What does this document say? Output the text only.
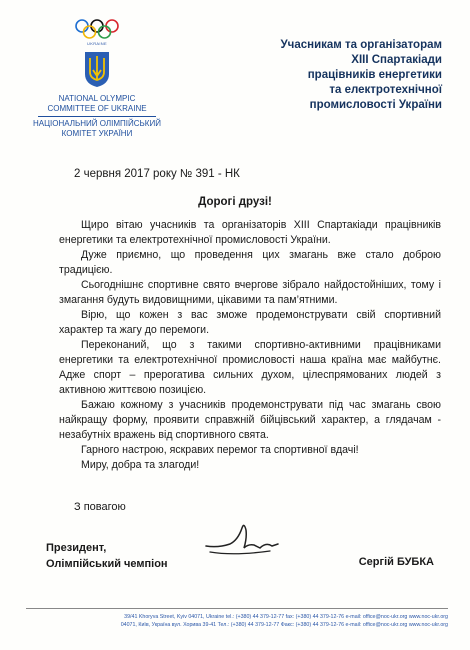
UKRAINE
NATIONAL OLYMPIC
COMMITTEE OF UKRAINE
НАЦІОНАЛЬНИЙ ОЛІМПІЙСЬКИЙ
КОМІТЕТ УКРАЇНИ
Учасникам та організаторам
XIII Спартакіади
працівників енергетики
та електротехнічної
промисловості України
2 червня 2017 року № 391 - НК
Дорогі друзі!

Щиро вітаю учасників та організаторів XIII Спартакіади працівників енергетики та електротехнічної промисловості України.

Дуже приємно, що проведення цих змагань вже стало доброю традицією.

Сьогоднішнє спортивне свято вчергове зібрало найдостойніших, тому і змагання будуть видовищними, цікавими та пам’ятними.

Вірю, що кожен з вас зможе продемонструвати свій спортивний характер та жагу до перемоги.

Переконаний, що з такими спортивно-активними працівниками енергетики та електротехнічної промисловості наша країна має майбутнє. Адже спорт – прерогатива сильних духом, цілеспрямованих людей з активною життєвою позицією.

Бажаю кожному з учасників продемонструвати під час змагань свою найкращу форму, проявити справжній бійцівський характер, а глядачам - незабутніх вражень від спортивного свята.

Гарного настрою, яскравих перемог та спортивної вдачі!

Миру, добра та злагоди!

З повагою
Президент,
Олімпійський чемпіон	Сергій БУБКА
39/41 Khoryva Street, Kyiv 04071, Ukraine tel.: (+380) 44 379-12-77 fax: (+380) 44 379-12-76 e-mail: office@noc-ukr.org www.noc-ukr.org
04071, Київ, Україна вул. Хорива 39-41 Тел.: (+380) 44 379-12-77 Факс: (+380) 44 379-12-76 e-mail: office@noc-ukr.org www.noc-ukr.org
